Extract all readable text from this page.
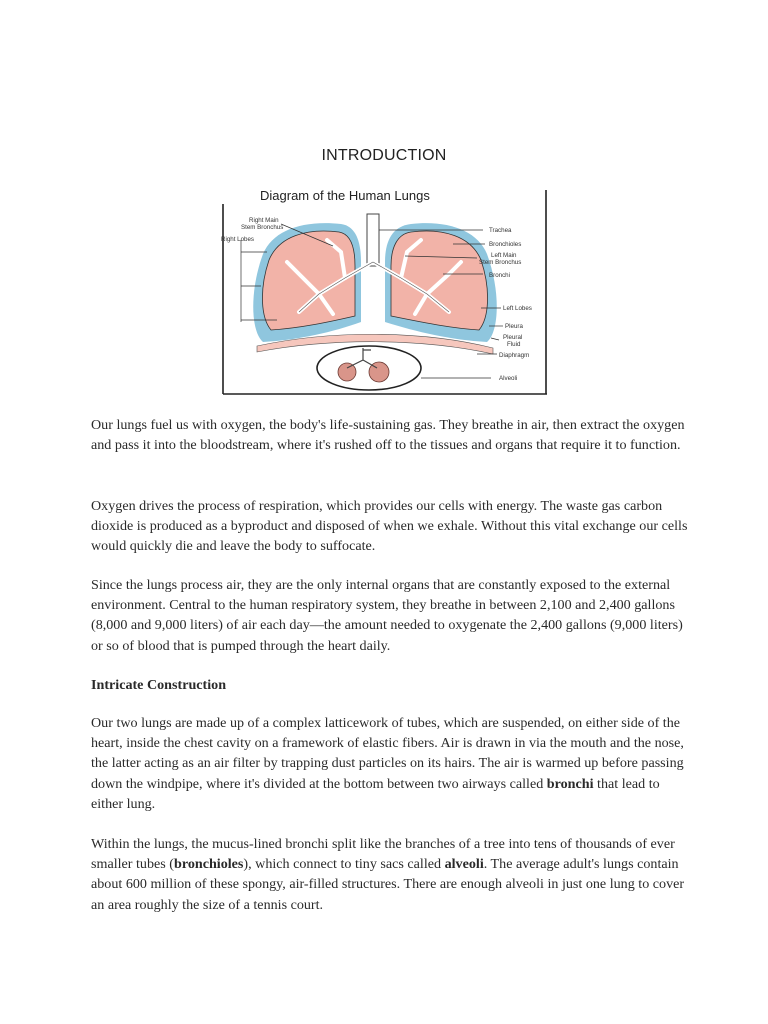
INTRODUCTION
Diagram of the Human Lungs
Right Main
Stem Bronchus
Right Lobes
Trachea
Bronchioles
Left Main
Stem Bronchus
Bronchi
Left Lobes
Pleura
Pleural
Fluid
Diaphragm
Alveoli

Our lungs fuel us with oxygen, the body's life-sustaining gas. They breathe in air, then extract the oxygen and pass it into the bloodstream, where it's rushed off to the tissues and organs that require it to function.

Oxygen drives the process of respiration, which provides our cells with energy. The waste gas carbon dioxide is produced as a byproduct and disposed of when we exhale. Without this vital exchange our cells would quickly die and leave the body to suffocate.

Since the lungs process air, they are the only internal organs that are constantly exposed to the external environment. Central to the human respiratory system, they breathe in between 2,100 and 2,400 gallons (8,000 and 9,000 liters) of air each day—the amount needed to oxygenate the 2,400 gallons (9,000 liters) or so of blood that is pumped through the heart daily.

Intricate Construction

Our two lungs are made up of a complex latticework of tubes, which are suspended, on either side of the heart, inside the chest cavity on a framework of elastic fibers. Air is drawn in via the mouth and the nose, the latter acting as an air filter by trapping dust particles on its hairs. The air is warmed up before passing down the windpipe, where it's divided at the bottom between two airways called bronchi that lead to either lung.

Within the lungs, the mucus-lined bronchi split like the branches of a tree into tens of thousands of ever smaller tubes (bronchioles), which connect to tiny sacs called alveoli. The average adult's lungs contain about 600 million of these spongy, air-filled structures. There are enough alveoli in just one lung to cover an area roughly the size of a tennis court.
